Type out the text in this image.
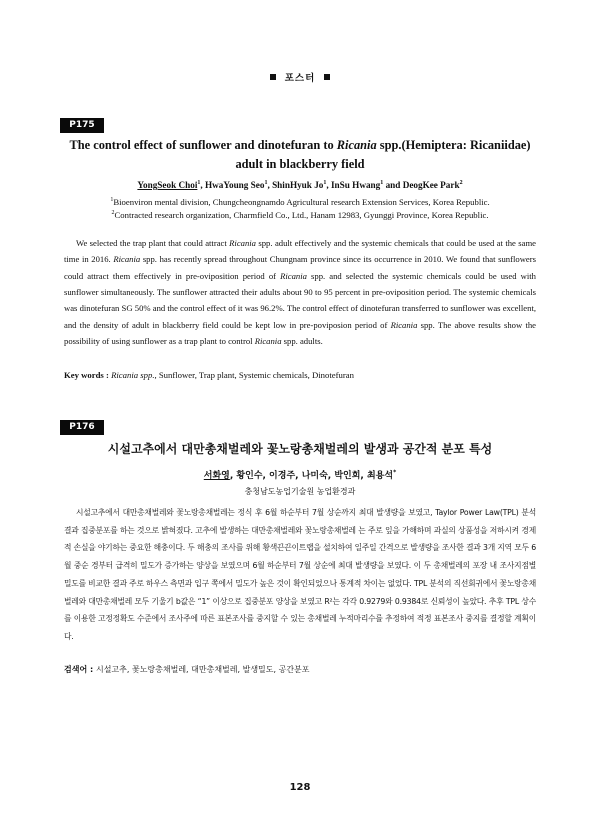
포스터
P175
The control effect of sunflower and dinotefuran to Ricania spp.(Hemiptera: Ricaniidae)
adult in blackberry field
YongSeok Choi$^1$, HwaYoung Seo$^1$, ShinHyuk Jo$^1$, InSu Hwang$^1$ and DeogKee Park$^2$
$^1$Bioenviron mental division, Chungcheongnamdo Agricultural research Extension Services, Korea Republic.
$^2$Contracted research organization, Charmfield Co., Ltd., Hanam 12983, Gyunggi Province, Korea Republic.

We selected the trap plant that could attract Ricania spp. adult effectively and the systemic chemicals that could be used at the same time in 2016. Ricania spp. has recently spread throughout Chungnam province since its occurrence in 2010. We found that sunflowers could attract them effectively in pre-oviposition period of Ricania spp. and selected the systemic chemicals could be used with sunflower simultaneously. The sunflower attracted their adults about 90 to 95 percent in pre-oviposition period. The systemic chemicals was dinotefuran SG 50% and the control effect of it was 96.2%. The control effect of dinotefuran transferred to sunflower was excellent, and the density of adult in blackberry field could be kept low in pre-poviposion period of Ricania spp. The above results show the possibility of using sunflower as a trap plant to control Ricania spp. adults.

Key words : Ricania spp., Sunflower, Trap plant, Systemic chemicals, Dinotefuran
P176
시설고추에서 대만총채벌레와 꽃노랑총채벌레의 발생과 공간적 분포 특성
서화영, 황인수, 이경주, 나미숙, 박인희, 최용석*
충청남도농업기술원 농업환경과

시설고추에서 대만총채벌레와 꽃노랑총채벌레는 정식 후 6월 하순부터 7월 상순까지 최대 발생량을 보였고, Taylor Power Law(TPL) 분석 결과 집중분포를 하는 것으로 밝혀졌다. 고추에 발생하는 대만총채벌레와 꽃노랑총채벌레 는 주로 잎을 가해하며 과실의 상품성을 저하시켜 경제적 손실을 야기하는 중요한 해충이다. 두 해충의 조사를 위해 황색끈끈이트랩을 설치하여 일주일 간격으로 발생량을 조사한 결과 3개 지역 모두 6월 중순 경부터 급격히 밀도가 증가하는 양상을 보였으며 6월 하순부터 7월 상순에 최대 발생량을 보였다. 이 두 총채벌레의 포장 내 조사지점별 밀도를 비교한 결과 주로 하우스 측면과 입구 쪽에서 밀도가 높은 것이 확인되었으나 통계적 차이는 없었다. TPL 분석의 직선회귀에서 꽃노랑총채벌레와 대만총채벌레 모두 기울기 b값은 “1” 이상으로 집중분포 양상을 보였고 R²는 각각 0.9279와 0.9384로 신뢰성이 높았다. 추후 TPL 상수를 이용한 고정정확도 수준에서 조사주에 따른 표본조사를 중지할 수 있는 총채벌레 누적마리수를 추정하여 적정 표본조사 중지를 결정할 계획이다.

검색어 : 시설고추, 꽃노랑총채벌레, 대만총채벌레, 발생밀도, 공간분포
128
